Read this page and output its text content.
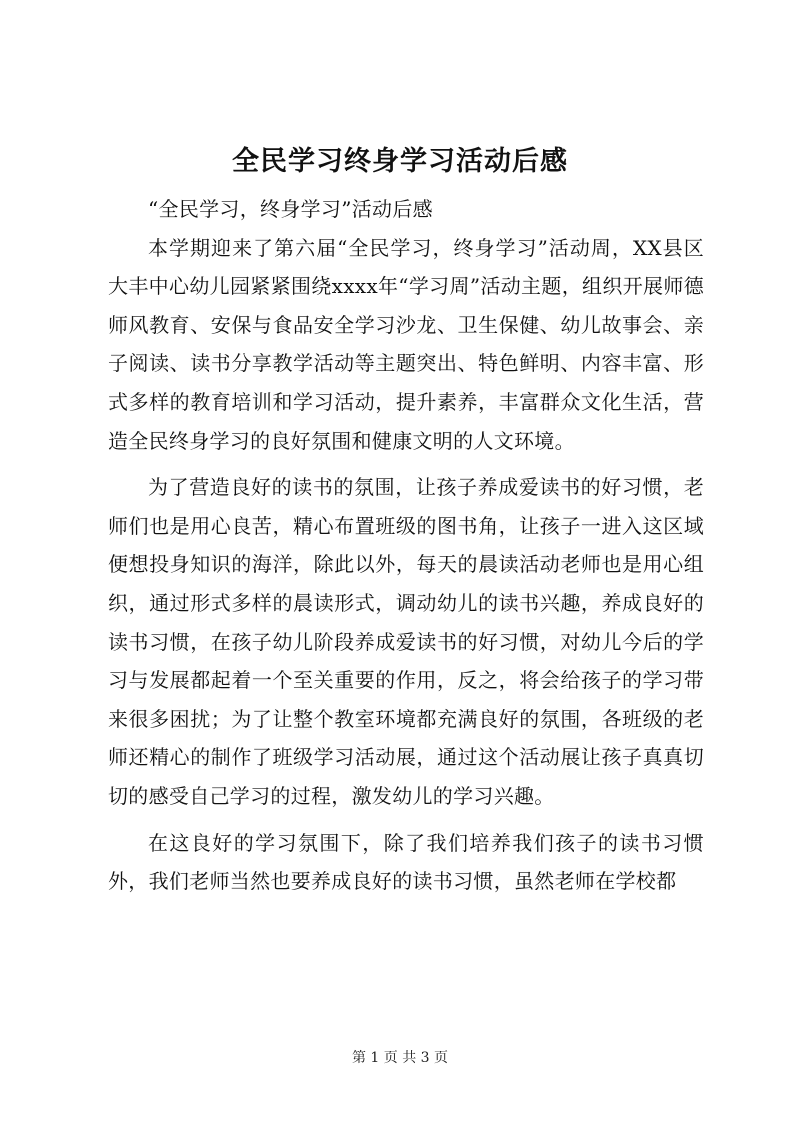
全民学习终身学习活动后感

“全民学习，终身学习”活动后感

本学期迎来了第六届“全民学习，终身学习”活动周，XX县区大丰中心幼儿园紧紧围绕xxxx年“学习周”活动主题，组织开展师德师风教育、安保与食品安全学习沙龙、卫生保健、幼儿故事会、亲子阅读、读书分享教学活动等主题突出、特色鲜明、内容丰富、形式多样的教育培训和学习活动，提升素养，丰富群众文化生活，营造全民终身学习的良好氛围和健康文明的人文环境。

为了营造良好的读书的氛围，让孩子养成爱读书的好习惯，老师们也是用心良苦，精心布置班级的图书角，让孩子一进入这区域便想投身知识的海洋，除此以外，每天的晨读活动老师也是用心组织，通过形式多样的晨读形式，调动幼儿的读书兴趣，养成良好的读书习惯，在孩子幼儿阶段养成爱读书的好习惯，对幼儿今后的学习与发展都起着一个至关重要的作用，反之，将会给孩子的学习带来很多困扰；为了让整个教室环境都充满良好的氛围，各班级的老师还精心的制作了班级学习活动展，通过这个活动展让孩子真真切切的感受自己学习的过程，激发幼儿的学习兴趣。

在这良好的学习氛围下，除了我们培养我们孩子的读书习惯外，我们老师当然也要养成良好的读书习惯，虽然老师在学校都

第 1 页 共 3 页
